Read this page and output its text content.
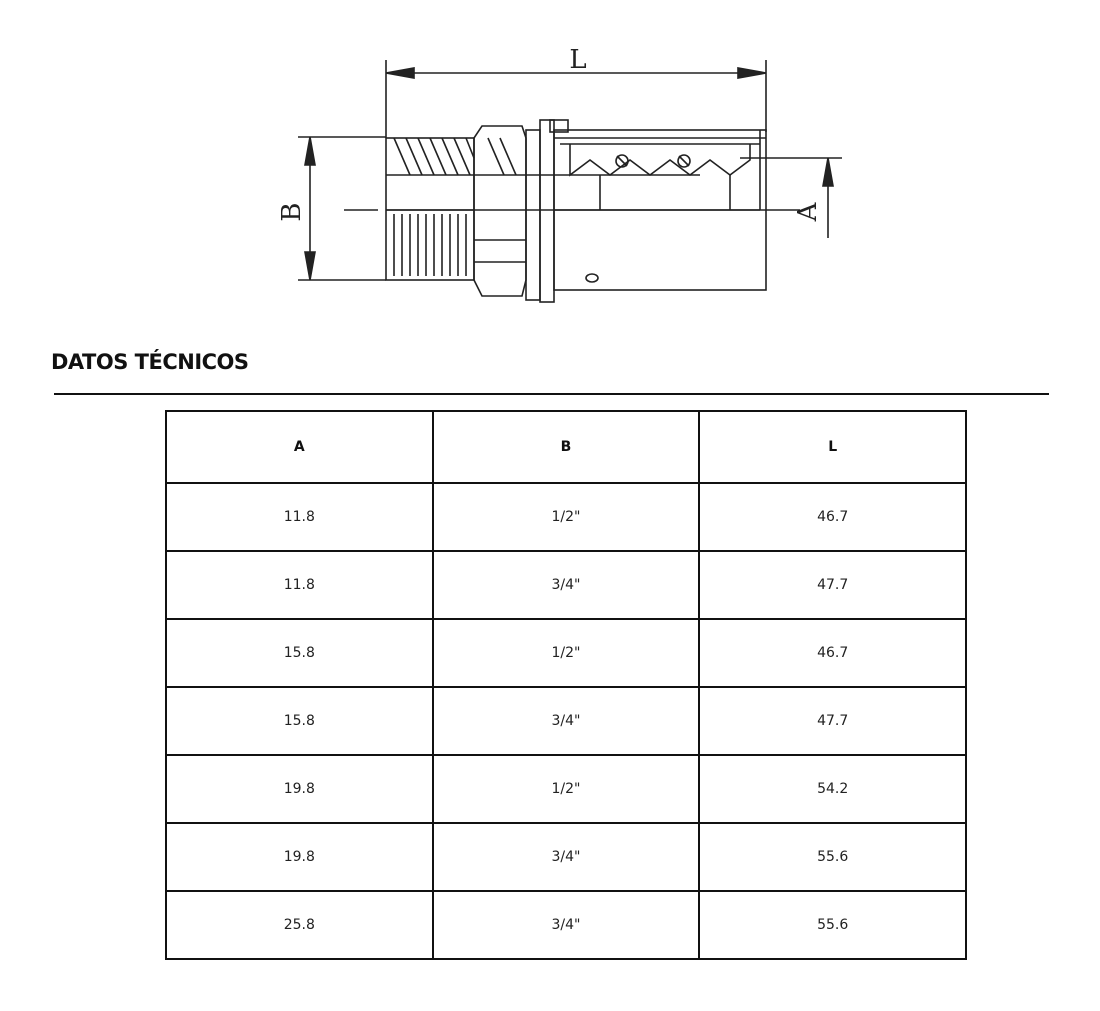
L
B	A
DATOS TÉCNICOS
A	B	L
11.8	1/2"	46.7
11.8	3/4"	47.7
15.8	1/2"	46.7
15.8	3/4"	47.7
19.8	1/2"	54.2
19.8	3/4"	55.6
25.8	3/4"	55.6
